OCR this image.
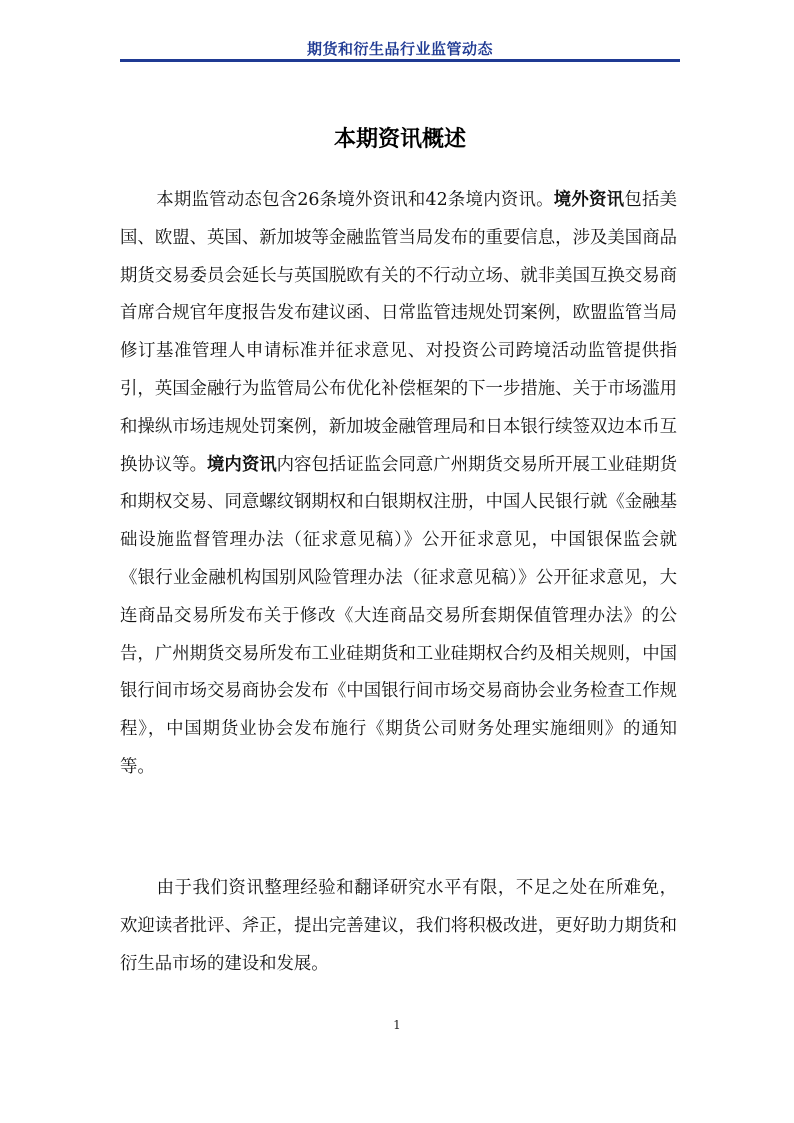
期货和衍生品行业监管动态
本期资讯概述

本期监管动态包含26条境外资讯和42条境内资讯。境外资讯包括美国、欧盟、英国、新加坡等金融监管当局发布的重要信息，涉及美国商品期货交易委员会延长与英国脱欧有关的不行动立场、就非美国互换交易商首席合规官年度报告发布建议函、日常监管违规处罚案例，欧盟监管当局修订基准管理人申请标准并征求意见、对投资公司跨境活动监管提供指引，英国金融行为监管局公布优化补偿框架的下一步措施、关于市场滥用和操纵市场违规处罚案例，新加坡金融管理局和日本银行续签双边本币互换协议等。境内资讯内容包括证监会同意广州期货交易所开展工业硅期货和期权交易、同意螺纹钢期权和白银期权注册，中国人民银行就《金融基础设施监督管理办法（征求意见稿）》公开征求意见，中国银保监会就《银行业金融机构国别风险管理办法（征求意见稿）》公开征求意见，大连商品交易所发布关于修改《大连商品交易所套期保值管理办法》的公告，广州期货交易所发布工业硅期货和工业硅期权合约及相关规则，中国银行间市场交易商协会发布《中国银行间市场交易商协会业务检查工作规程》，中国期货业协会发布施行《期货公司财务处理实施细则》的通知等。

由于我们资讯整理经验和翻译研究水平有限，不足之处在所难免，欢迎读者批评、斧正，提出完善建议，我们将积极改进，更好助力期货和衍生品市场的建设和发展。

1
